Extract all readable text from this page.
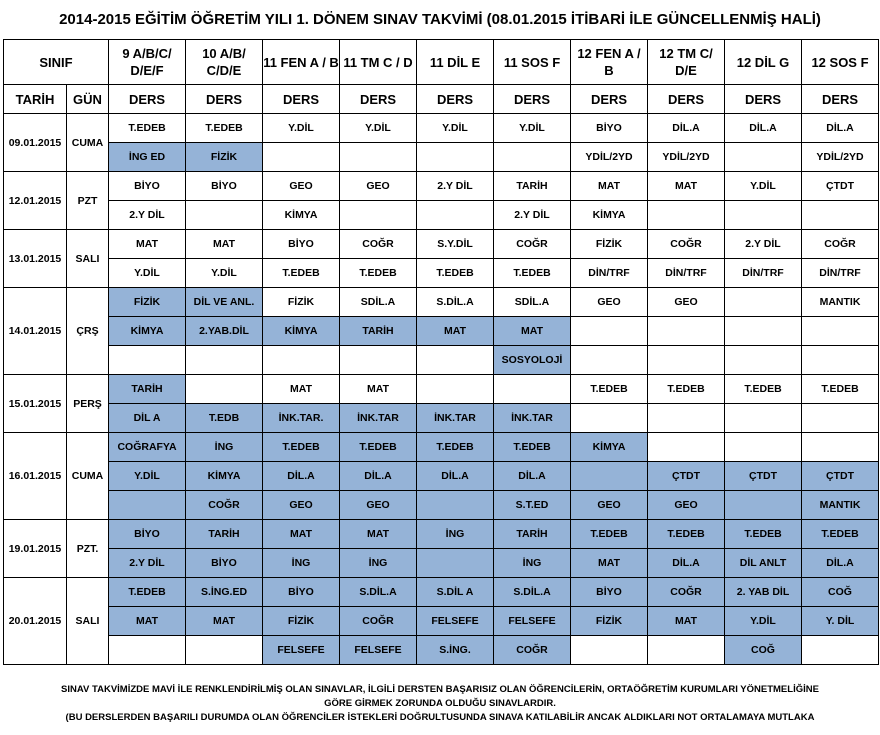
2014-2015 EĞİTİM ÖĞRETİM YILI 1. DÖNEM SINAV TAKVİMİ (08.01.2015 İTİBARİ İLE GÜNCELLENMİŞ HALİ)
SINIF		9 A/B/C/ D/E/F	10 A/B/ C/D/E	11 FEN A / B	11 TM C / D	11 DİL E	11 SOS F	12 FEN A / B	12 TM C/ D/E	12 DİL G	12 SOS F
TARİH	GÜN	DERS	DERS	DERS	DERS	DERS	DERS	DERS	DERS	DERS	DERS
09.01.2015	CUMA	T.EDEB	T.EDEB	Y.DİL	Y.DİL	Y.DİL	Y.DİL	BİYO	DİL.A	DİL.A	DİL.A
		İNG ED	FİZİK					YDİL/2YD	YDİL/2YD		YDİL/2YD
12.01.2015	PZT	BİYO	BİYO	GEO	GEO	2.Y DİL	TARİH	MAT	MAT	Y.DİL	ÇTDT
		2.Y DİL		KİMYA			2.Y DİL	KİMYA			
13.01.2015	SALI	MAT	MAT	BİYO	COĞR	S.Y.DİL	COĞR	FİZİK	COĞR	2.Y DİL	COĞR
		Y.DİL	Y.DİL	T.EDEB	T.EDEB	T.EDEB	T.EDEB	DİN/TRF	DİN/TRF	DİN/TRF	DİN/TRF
14.01.2015	ÇRŞ	FİZİK	DİL VE ANL.	FİZİK	SDİL.A	S.DİL.A	SDİL.A	GEO	GEO		MANTIK
		KİMYA	2.YAB.DİL	KİMYA	TARİH	MAT	MAT				
							SOSYOLOJİ				
15.01.2015	PERŞ	TARİH		MAT	MAT			T.EDEB	T.EDEB	T.EDEB	T.EDEB
		DİL A	T.EDB	İNK.TAR.	İNK.TAR	İNK.TAR	İNK.TAR				
16.01.2015	CUMA	COĞRAFYA	İNG	T.EDEB	T.EDEB	T.EDEB	T.EDEB	KİMYA			
		Y.DİL	KİMYA	DİL.A	DİL.A	DİL.A	DİL.A		ÇTDT	ÇTDT	ÇTDT
			COĞR	GEO	GEO		S.T.ED	GEO	GEO		MANTIK
19.01.2015	PZT.	BİYO	TARİH	MAT	MAT	İNG	TARİH	T.EDEB	T.EDEB	T.EDEB	T.EDEB
		2.Y DİL	BİYO	İNG	İNG		İNG	MAT	DİL.A	DİL ANLT	DİL.A
20.01.2015	SALI	T.EDEB	S.İNG.ED	BİYO	S.DİL.A	S.DİL A	S.DİL.A	BİYO	COĞR	2. YAB DİL	COĞ
		MAT	MAT	FİZİK	COĞR	FELSEFE	FELSEFE	FİZİK	MAT	Y.DİL	Y. DİL
				FELSEFE	FELSEFE	S.İNG.	COĞR			COĞ	
SINAV TAKVİMİZDE MAVİ İLE RENKLENDİRİLMİŞ OLAN SINAVLAR, İLGİLİ DERSTEN BAŞARISIZ OLAN ÖĞRENCİLERİN, ORTAÖĞRETİM KURUMLARI YÖNETMELİĞİNE
GÖRE GİRMEK ZORUNDA OLDUĞU SINAVLARDIR.
(BU DERSLERDEN BAŞARILI DURUMDA OLAN ÖĞRENCİLER İSTEKLERİ DOĞRULTUSUNDA SINAVA KATILABİLİR ANCAK ALDIKLARI NOT ORTALAMAYA MUTLAKA
